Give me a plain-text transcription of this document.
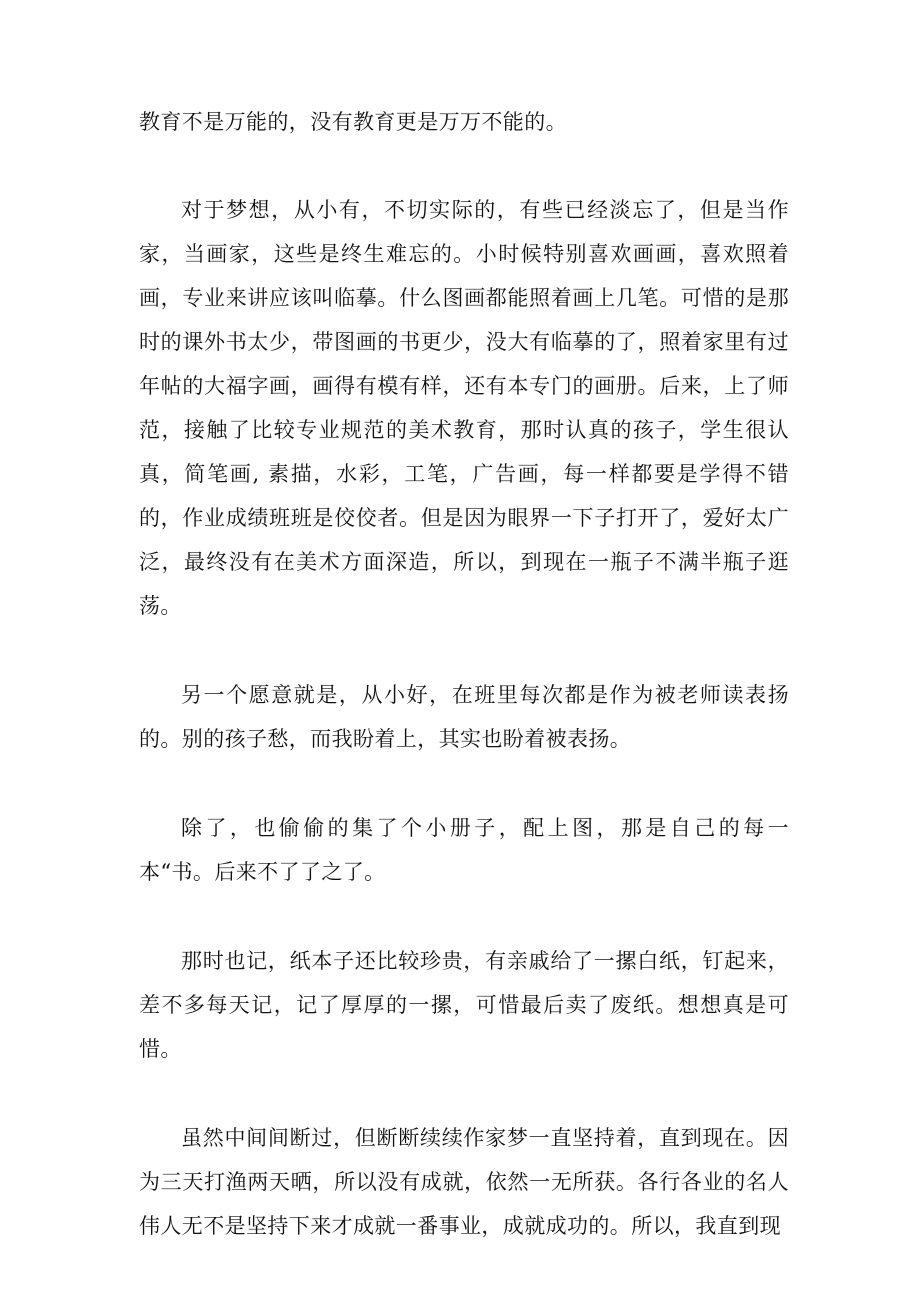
教育不是万能的，没有教育更是万万不能的。

对于梦想，从小有，不切实际的，有些已经淡忘了，但是当作家，当画家，这些是终生难忘的。小时候特别喜欢画画，喜欢照着画，专业来讲应该叫临摹。什么图画都能照着画上几笔。可惜的是那时的课外书太少，带图画的书更少，没大有临摹的了，照着家里有过年帖的大福字画，画得有模有样，还有本专门的画册。后来，上了师范，接触了比较专业规范的美术教育，那时认真的孩子，学生很认真，简笔画, 素描，水彩，工笔，广告画，每一样都要是学得不错的，作业成绩班班是佼佼者。但是因为眼界一下子打开了，爱好太广泛，最终没有在美术方面深造，所以，到现在一瓶子不满半瓶子逛荡。

另一个愿意就是，从小好，在班里每次都是作为被老师读表扬的。别的孩子愁，而我盼着上，其实也盼着被表扬。

除了，也偷偷的集了个小册子，配上图，那是自己的每一本“书。后来不了了之了。

那时也记，纸本子还比较珍贵，有亲戚给了一摞白纸，钉起来，差不多每天记，记了厚厚的一摞，可惜最后卖了废纸。想想真是可惜。

虽然中间间断过，但断断续续作家梦一直坚持着，直到现在。因为三天打渔两天晒，所以没有成就，依然一无所获。各行各业的名人伟人无不是坚持下来才成就一番事业，成就成功的。所以，我直到现
